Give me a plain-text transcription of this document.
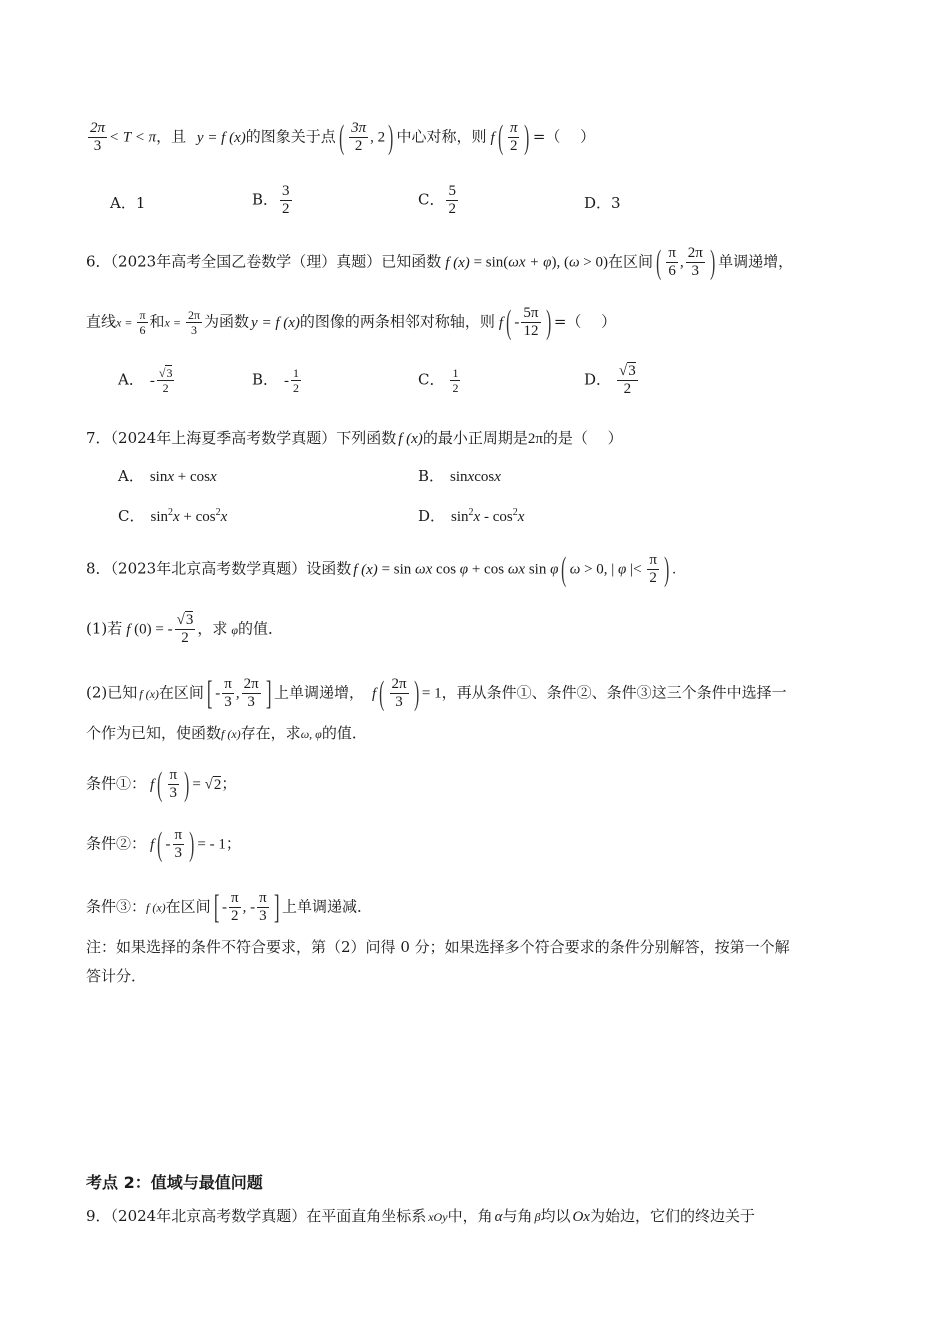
$\frac{2\pi}{3} < T < \pi$，且 y = f (x)的图象关于点( $\frac{3\pi}{2}$ , 2) 中心对称，则 $f( \frac{\pi}{2}$ ) =（　 ）
A．1	B． $\frac{3}{2}$	C． $\frac{5}{2}$	D．3
6．（2023年高考全国乙卷数学（理）真题）已知函数 f (x) = sin(ωx + φ), (ω > 0)在区间( $\frac{\pi}{6}$ , $\frac{2\pi}{3}$ ) 单调递增，
直线$x = \frac{\pi}{6}$ 和$x = \frac{2\pi}{3}$ 为函数 y = f (x)的图像的两条相邻对称轴，则 $f( - \frac{5\pi}{12}$ ) =（　 ）
A． - $\frac{√3}{2}$	B． - $\frac{1}{2}$	C． $\frac{1}{2}$	D． $\frac{√3}{2}$
7．（2024年上海夏季高考数学真题）下列函数 f (x)的最小正周期是2π的是（　 ）
A． sinx + cosx	B． sinxcosx
C． $\sin^2x + \cos^2x$	D． $\sin^2x - \cos^2x$
8．（2023年北京高考数学真题）设函数 f (x) = sin ωx cos φ + cos ωx sin φ( ω > 0, | φ |< $\frac{\pi}{2}$ ) .
(1)若 f (0) = - $\frac{√3}{2}$ ，求 φ的值．
(2)已知 f (x)在区间[ - $\frac{\pi}{3}$ , $\frac{2\pi}{3}$ ] 上单调递增， $f( \frac{2\pi}{3}$ ) = 1，再从条件①、条件②、条件③这三个条件中选择一
个作为已知，使函数f (x)存在，求ω, φ的值．
条件①： $f( \frac{\pi}{3}$ ) = √2；
条件②： $f( - \frac{\pi}{3}$ ) = - 1；
条件③：f (x)在区间[ - $\frac{\pi}{2}$ , - $\frac{\pi}{3}$ ] 上单调递减．
注：如果选择的条件不符合要求，第（2）问得 0 分；如果选择多个符合要求的条件分别解答，按第一个解
答计分．
考点 2：值域与最值问题
9．（2024年北京高考数学真题）在平面直角坐标系 xOy中，角 α与角 β均以 Ox为始边，它们的终边关于
